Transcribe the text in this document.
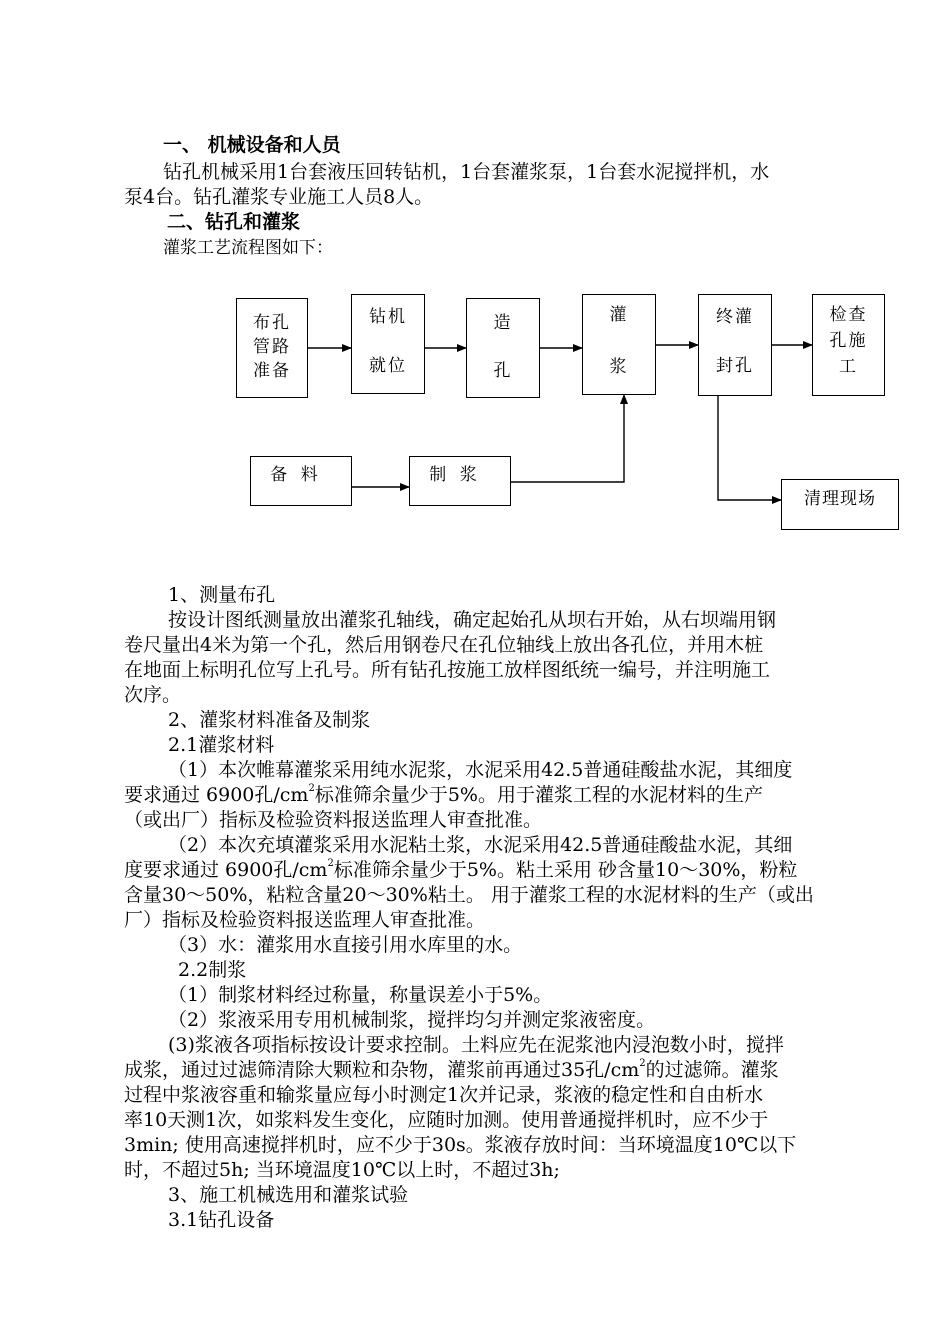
一、 机械设备和人员
钻孔机械采用1台套液压回转钻机，1台套灌浆泵，1台套水泥搅拌机，水
泵4台。钻孔灌浆专业施工人员8人。
二、钻孔和灌浆
灌浆工艺流程图如下：
布孔
管路
准备
钻机
就位
造
孔
灌
浆
终灌
封孔
检查
孔施
工
备 料	制 浆
清理现场
1、测量布孔
按设计图纸测量放出灌浆孔轴线，确定起始孔从坝右开始，从右坝端用钢
卷尺量出4米为第一个孔，然后用钢卷尺在孔位轴线上放出各孔位，并用木桩
在地面上标明孔位写上孔号。所有钻孔按施工放样图纸统一编号，并注明施工
次序。
2、灌浆材料准备及制浆
2.1灌浆材料
（1）本次帷幕灌浆采用纯水泥浆，水泥采用42.5普通硅酸盐水泥，其细度
要求通过 6900孔$/cm^2$标准筛余量少于5%。用于灌浆工程的水泥材料的生产
（或出厂）指标及检验资料报送监理人审查批准。
（2）本次充填灌浆采用水泥粘土浆，水泥采用42.5普通硅酸盐水泥，其细
度要求通过 6900孔$/cm^2$标准筛余量少于5%。粘土采用 砂含量10～30%，粉粒
含量30～50%，粘粒含量20～30%粘土。 用于灌浆工程的水泥材料的生产（或出
厂）指标及检验资料报送监理人审查批准。
（3）水：灌浆用水直接引用水库里的水。
2.2制浆
（1）制浆材料经过称量，称量误差小于5%。
（2）浆液采用专用机械制浆，搅拌均匀并测定浆液密度。
(3)浆液各项指标按设计要求控制。土料应先在泥浆池内浸泡数小时，搅拌
成浆，通过过滤筛清除大颗粒和杂物，灌浆前再通过35孔$/cm^2$的过滤筛。灌浆
过程中浆液容重和输浆量应每小时测定1次并记录，浆液的稳定性和自由析水
率10天测1次，如浆料发生变化，应随时加测。使用普通搅拌机时，应不少于
3min; 使用高速搅拌机时，应不少于30s。浆液存放时间：当环境温度10℃以下
时，不超过5h; 当环境温度10℃以上时，不超过3h;
3、施工机械选用和灌浆试验
3.1钻孔设备
